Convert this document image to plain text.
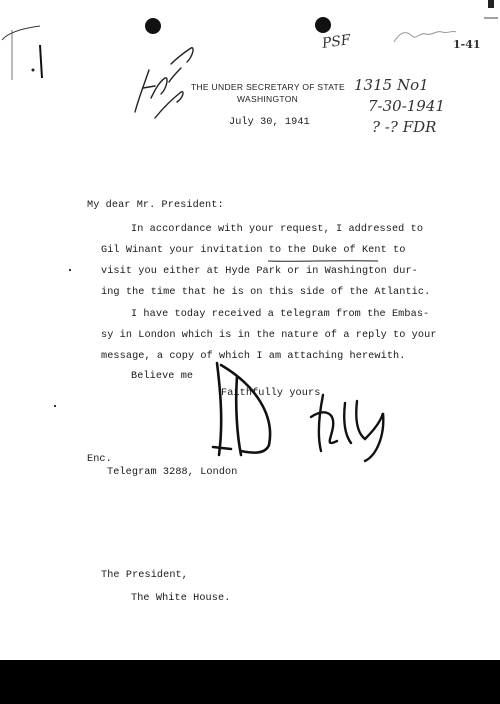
THE UNDER SECRETARY OF STATE
WASHINGTON
July 30, 1941
PSF	1-41
1315 No1
7-30-1941
? -? FDR
My dear Mr. President:
In accordance with your request, I addressed to
Gil Winant your invitation to the Duke of Kent to
visit you either at Hyde Park or in Washington dur-
ing the time that he is on this side of the Atlantic.
I have today received a telegram from the Embas-
sy in London which is in the nature of a reply to your
message, a copy of which I am attaching herewith.
Believe me
Faithfully yours,
Enc.
Telegram 3288, London
The President,
The White House.
